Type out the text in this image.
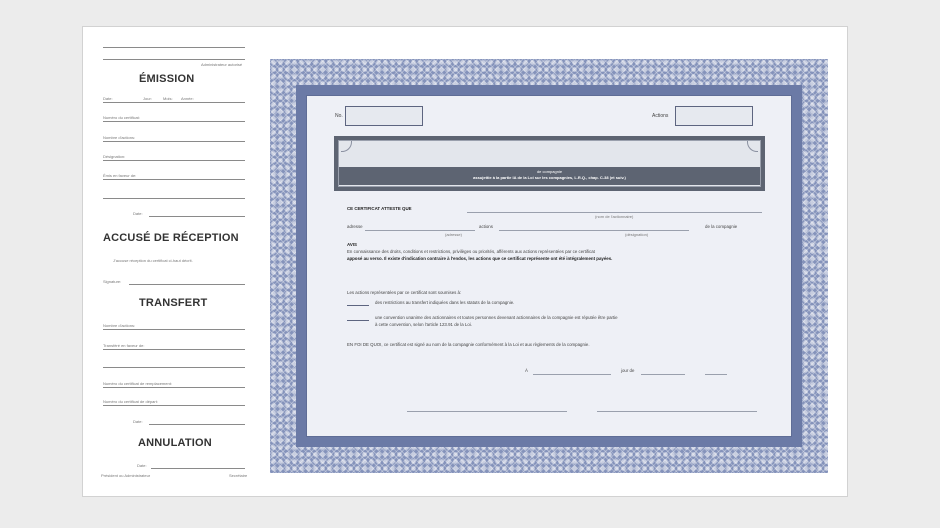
Administrateur autorisé
ÉMISSION
Date:	Jour:	Mois: Année:
Numéro du certificat:
Nombre d'actions:
Désignation:
Émis en faveur de:
Date:
ACCUSÉ DE RÉCEPTION
J'accuse réception du certificat ci-haut décrit.
Signature:
TRANSFERT
Nombre d'actions:
Transféré en faveur de:
Numéro du certificat de remplacement:
Numéro du certificat de départ:
Date:
ANNULATION
Date:
Président ou Administrateur	Secrétaire
No.	Actions
de compagnie
assujettie à la partie IA de la Loi sur les compagnies, L.R.Q., chap. C-38 (et suiv.)
CE CERTIFICAT ATTESTE QUE
(nom de l'actionnaire)
adresse
(adresse)
actions
(désignation)
de la compagnie
AVIS
En connaissance des droits, conditions et restrictions, privilèges ou priorités, afférents aux actions représentées par ce certificat
apposé au verso. Il existe d'indication contraire à l'endos, les actions que ce certificat représente ont été intégralement payées.
Les actions représentées par ce certificat sont soumises à:
des restrictions au transfert indiquées dans les statuts de la compagnie.
une convention unanime des actionnaires et toutes personnes devenant actionnaires de la compagnie est réputée être partie
à cette convention, selon l'article 123.91 de la Loi.
EN FOI DE QUOI, ce certificat est signé au nom de la compagnie conformément à la Loi et aux règlements de la compagnie.
À	jour de
